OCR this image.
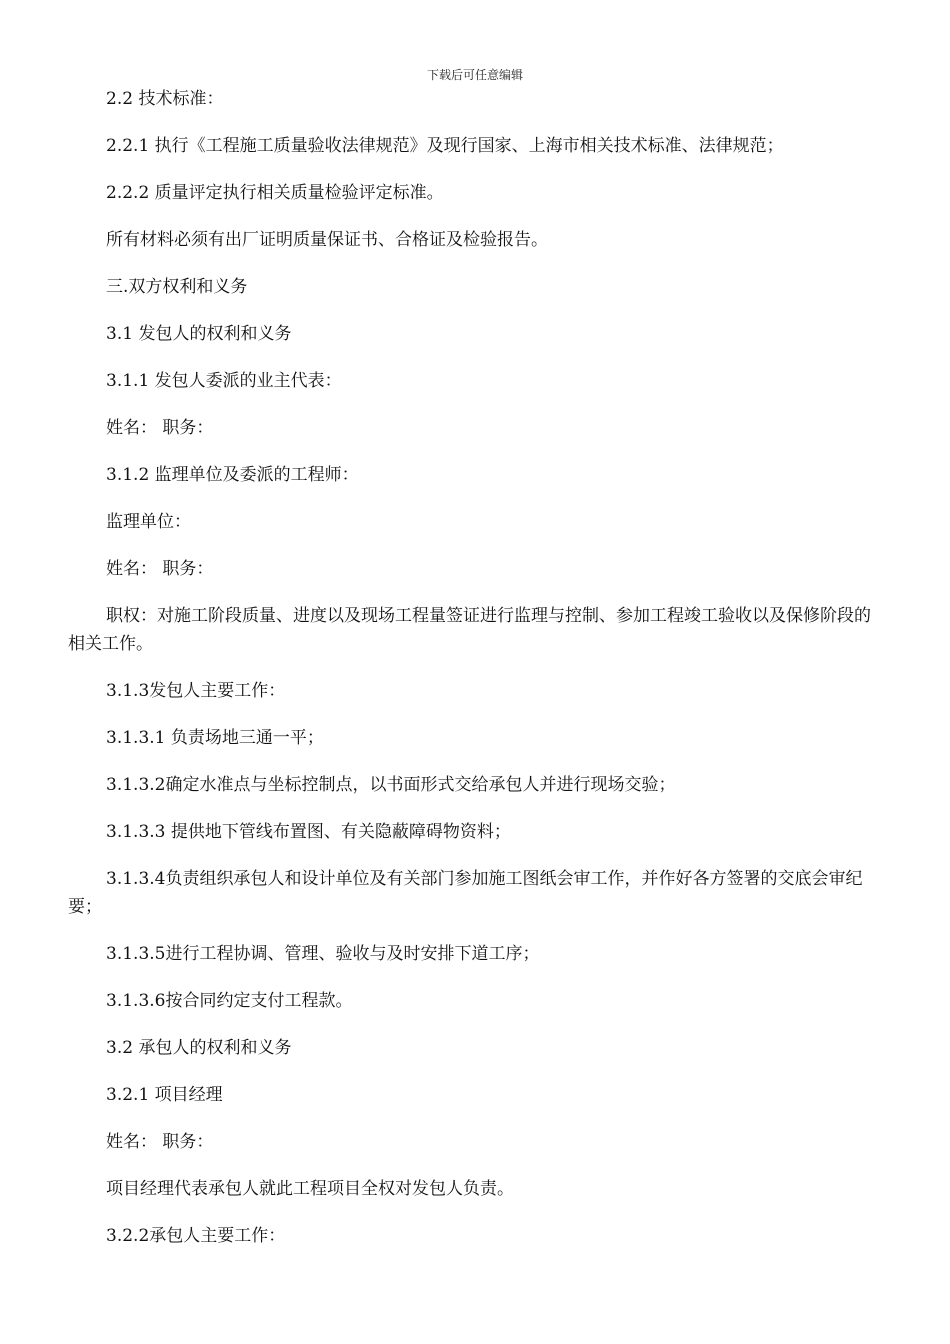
下载后可任意编辑

2.2 技术标准：

2.2.1 执行《工程施工质量验收法律规范》及现行国家、上海市相关技术标准、法律规范；

2.2.2 质量评定执行相关质量检验评定标准。

所有材料必须有出厂证明质量保证书、合格证及检验报告。

三.双方权利和义务

3.1 发包人的权利和义务

3.1.1 发包人委派的业主代表：

姓名： 职务：

3.1.2 监理单位及委派的工程师：

监理单位：

姓名： 职务：

职权：对施工阶段质量、进度以及现场工程量签证进行监理与控制、参加工程竣工验收以及保修阶段的相关工作。

3.1.3发包人主要工作：

3.1.3.1 负责场地三通一平；

3.1.3.2确定水准点与坐标控制点，以书面形式交给承包人并进行现场交验；

3.1.3.3 提供地下管线布置图、有关隐蔽障碍物资料；

3.1.3.4负责组织承包人和设计单位及有关部门参加施工图纸会审工作，并作好各方签署的交底会审纪要；

3.1.3.5进行工程协调、管理、验收与及时安排下道工序；

3.1.3.6按合同约定支付工程款。

3.2 承包人的权利和义务

3.2.1 项目经理

姓名： 职务：

项目经理代表承包人就此工程项目全权对发包人负责。

3.2.2承包人主要工作：
